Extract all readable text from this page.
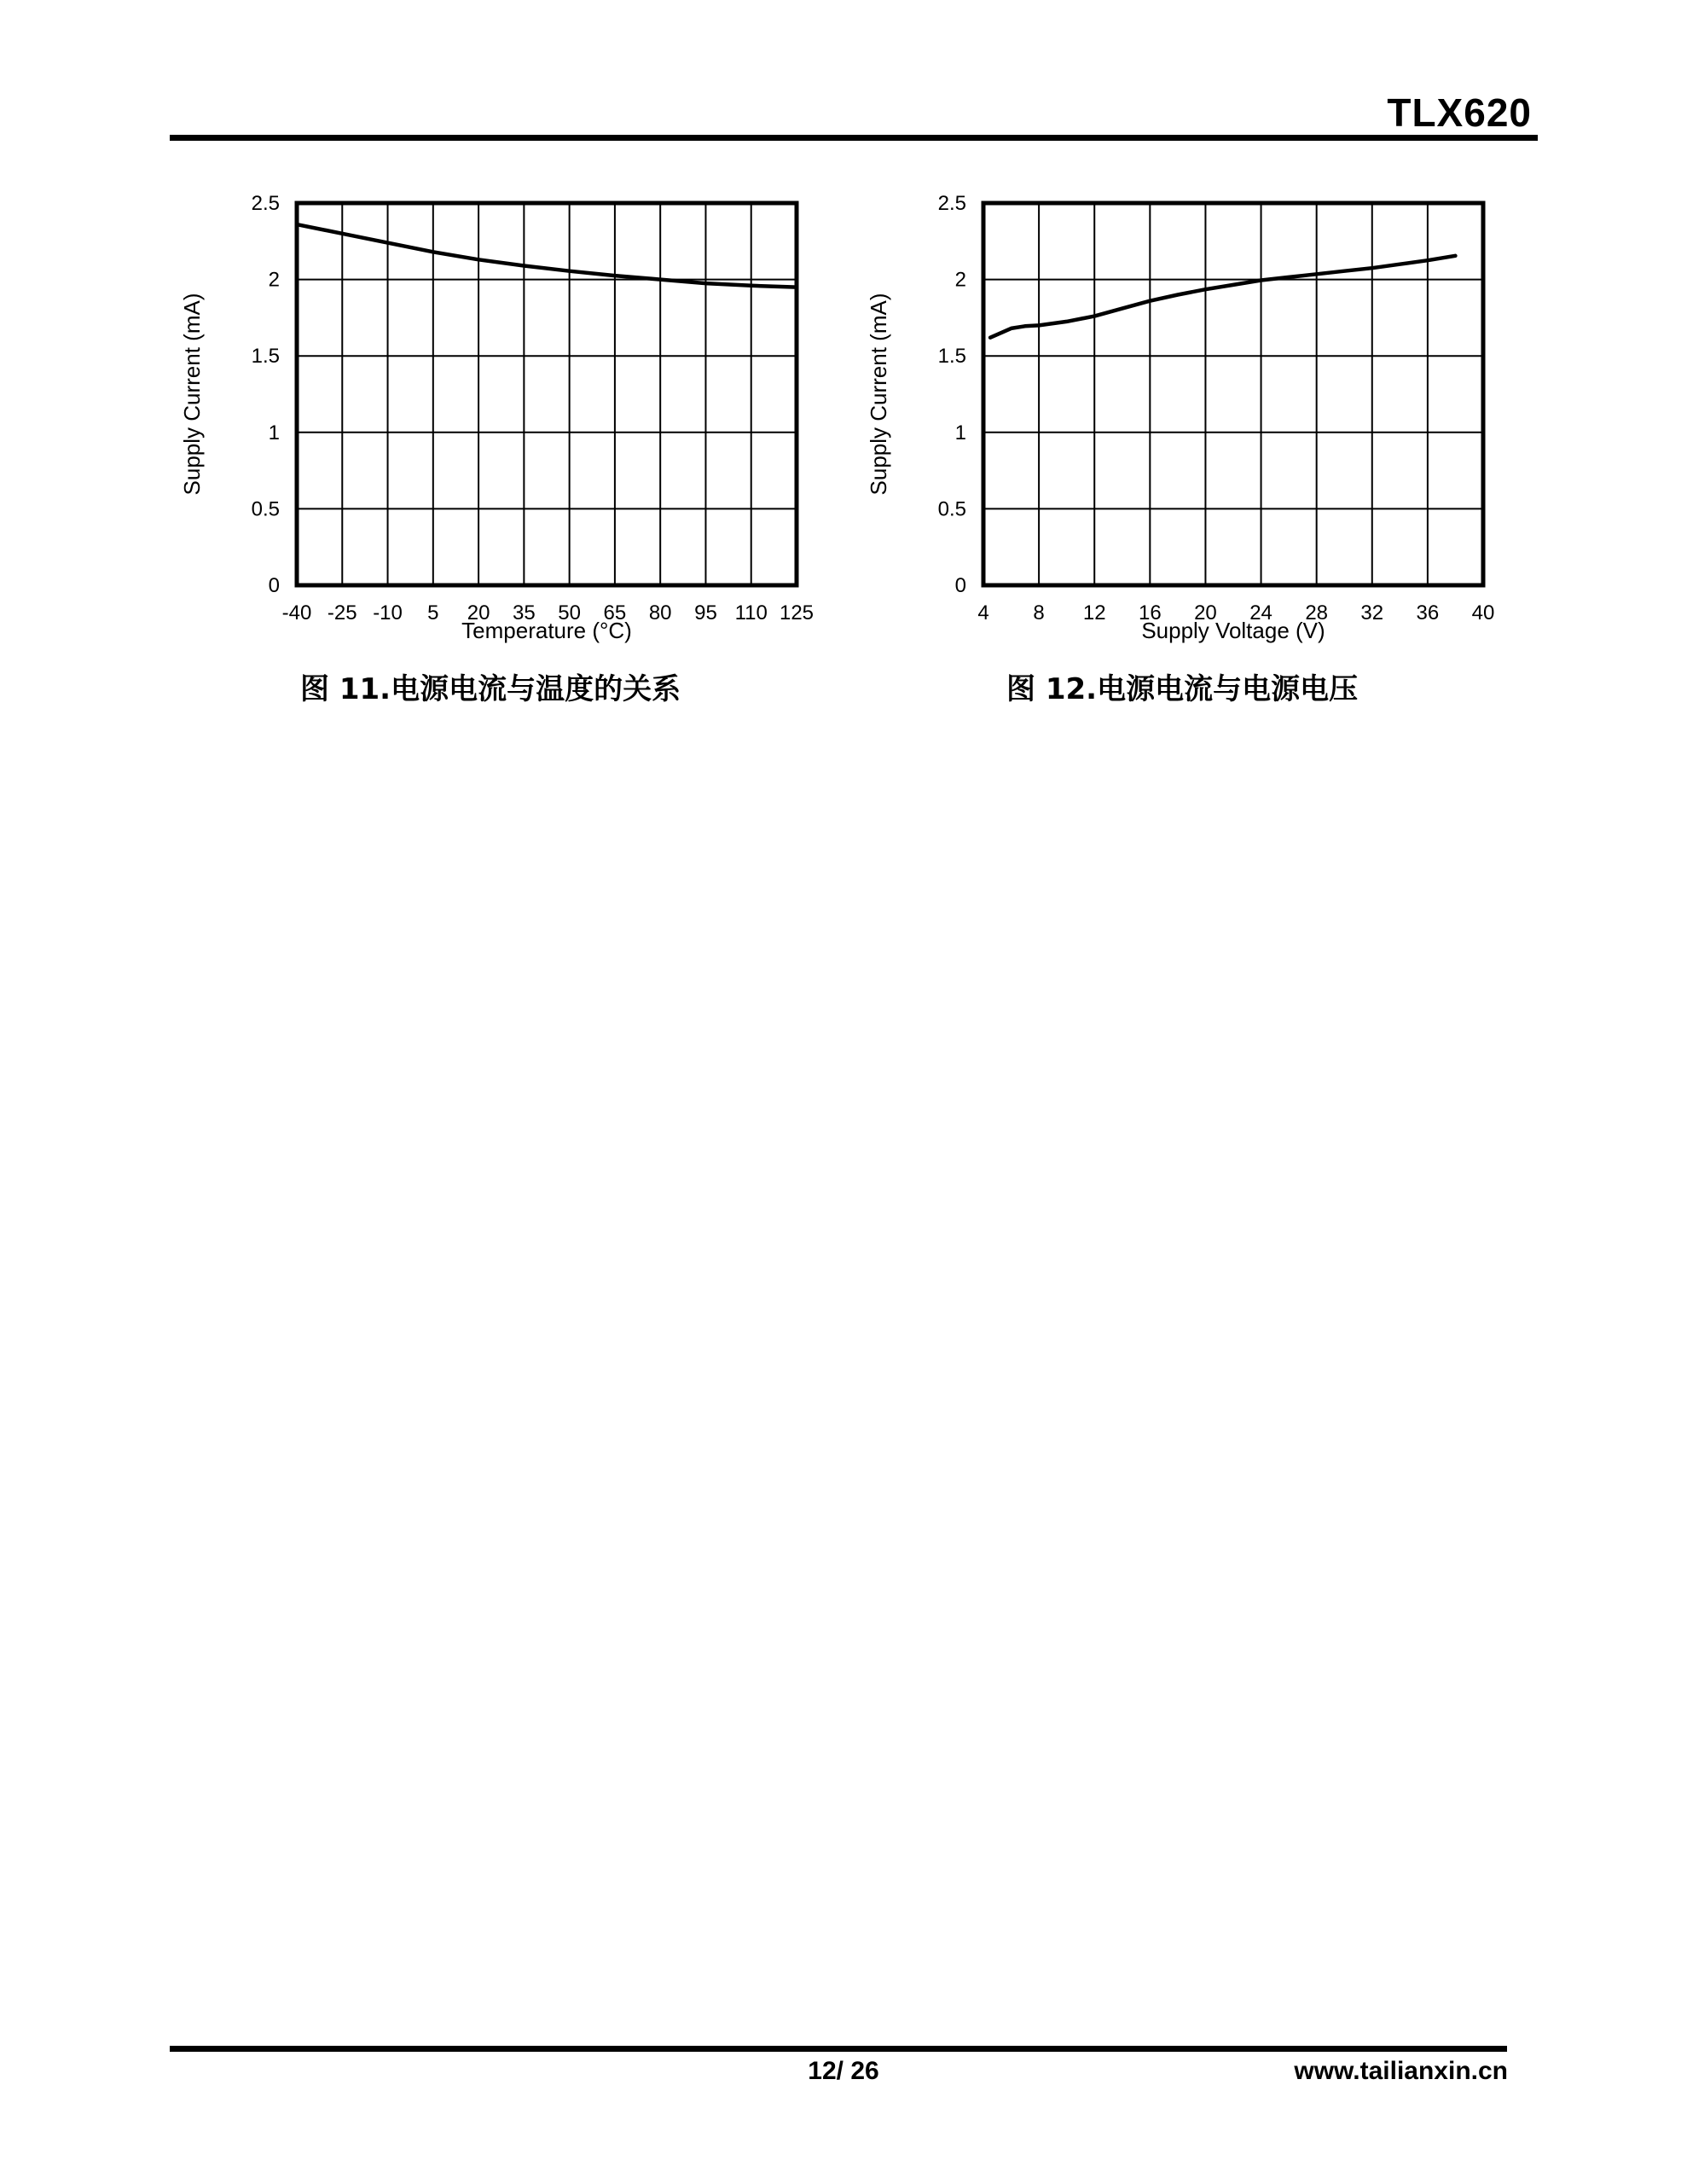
TLX620
-40 -25 -10 5 20 35 50 65 80 95 110 125
0
0.5
1
1.5
2
2.5
Temperature (°C)
Supply Current (mA)
4 8 12 16 20 24 28 32 36 40
0
0.5
1
1.5
2
2.5
Supply Voltage (V)
Supply Current (mA)
图 11.电源电流与温度的关系	图 12.电源电流与电源电压
12/ 26	www.tailianxin.cn
